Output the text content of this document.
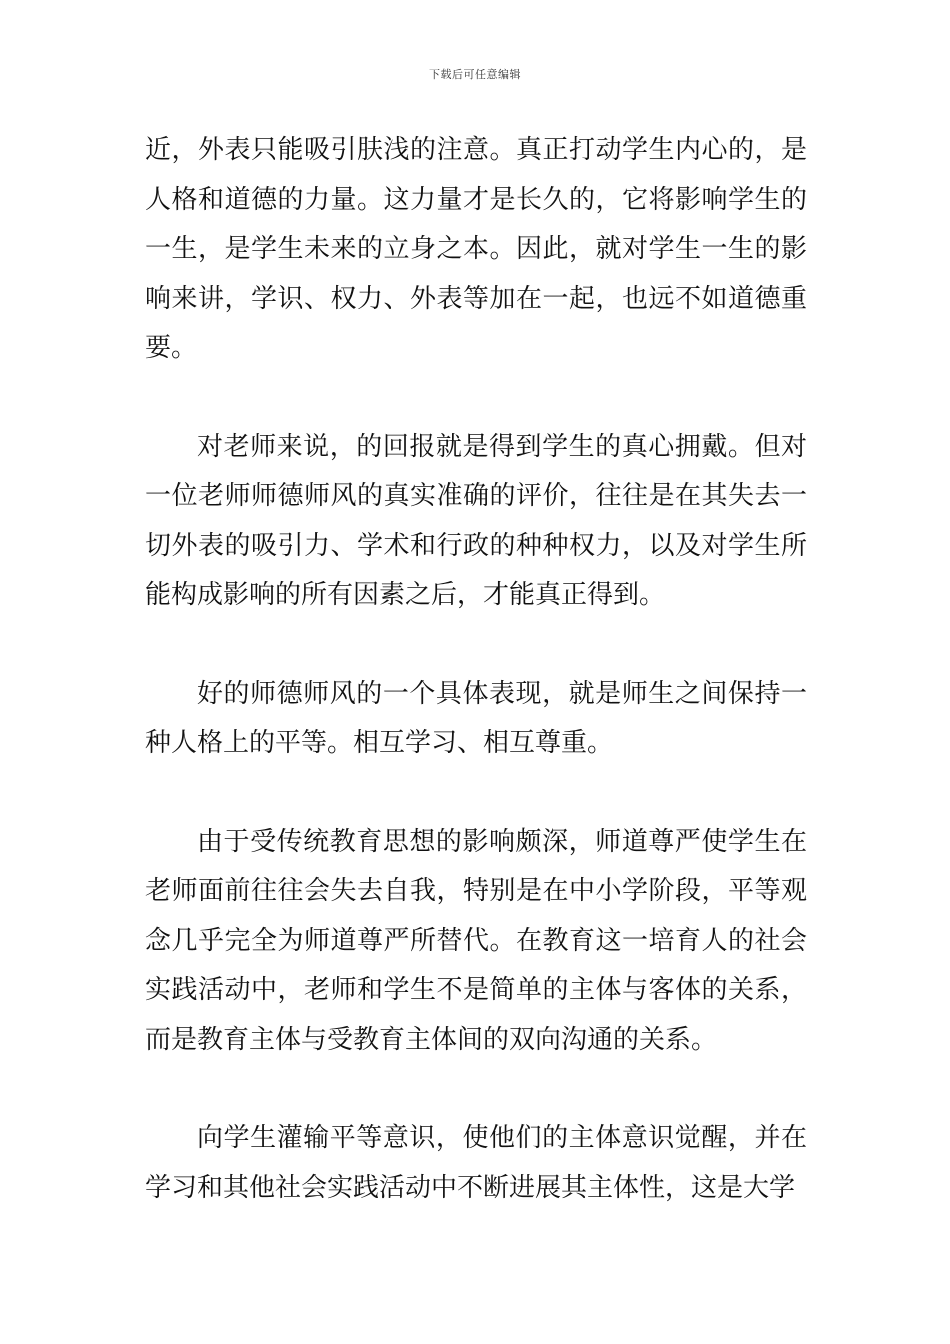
下载后可任意编辑

近，外表只能吸引肤浅的注意。真正打动学生内心的，是人格和道德的力量。这力量才是长久的，它将影响学生的一生，是学生未来的立身之本。因此，就对学生一生的影响来讲，学识、权力、外表等加在一起，也远不如道德重要。

对老师来说，的回报就是得到学生的真心拥戴。但对一位老师师德师风的真实准确的评价，往往是在其失去一切外表的吸引力、学术和行政的种种权力，以及对学生所能构成影响的所有因素之后，才能真正得到。

好的师德师风的一个具体表现，就是师生之间保持一种人格上的平等。相互学习、相互尊重。

由于受传统教育思想的影响颇深，师道尊严使学生在老师面前往往会失去自我，特别是在中小学阶段，平等观念几乎完全为师道尊严所替代。在教育这一培育人的社会实践活动中，老师和学生不是简单的主体与客体的关系，而是教育主体与受教育主体间的双向沟通的关系。

向学生灌输平等意识，使他们的主体意识觉醒，并在学习和其他社会实践活动中不断进展其主体性，这是大学
